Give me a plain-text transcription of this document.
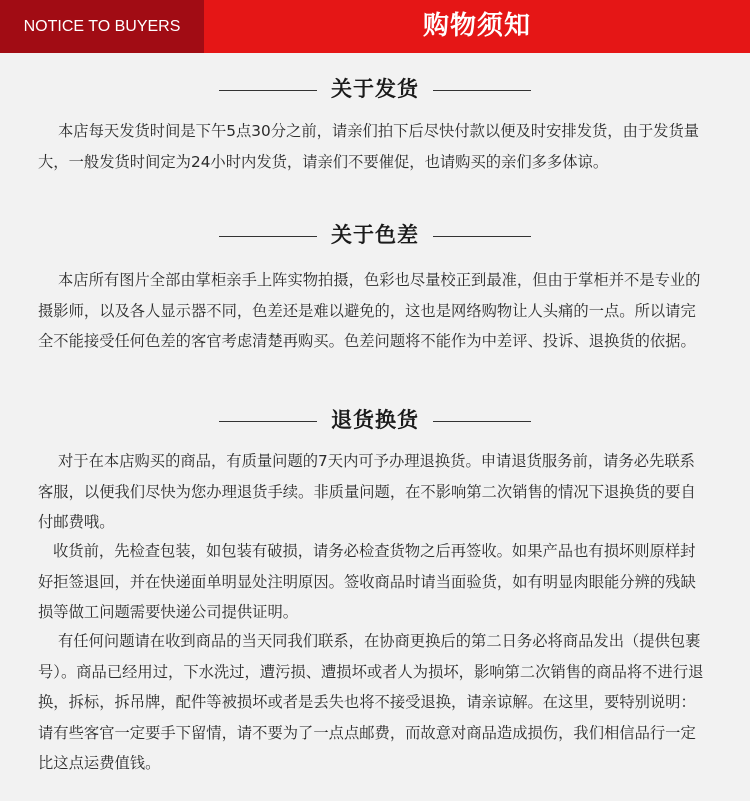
NOTICE TO BUYERS	购物须知
关于发货

本店每天发货时间是下午5点30分之前，请亲们拍下后尽快付款以便及时安排发货，由于发货量大，一般发货时间定为24小时内发货，请亲们不要催促，也请购买的亲们多多体谅。

关于色差

本店所有图片全部由掌柜亲手上阵实物拍摄，色彩也尽量校正到最准，但由于掌柜并不是专业的摄影师，以及各人显示器不同，色差还是难以避免的，这也是网络购物让人头痛的一点。所以请完全不能接受任何色差的客官考虑清楚再购买。色差问题将不能作为中差评、投诉、退换货的依据。

退货换货

对于在本店购买的商品，有质量问题的7天内可予办理退换货。申请退货服务前，请务必先联系客服，以便我们尽快为您办理退货手续。非质量问题，在不影响第二次销售的情况下退换货的要自付邮费哦。

收货前，先检查包装，如包装有破损，请务必检查货物之后再签收。如果产品也有损坏则原样封好拒签退回，并在快递面单明显处注明原因。签收商品时请当面验货，如有明显肉眼能分辨的残缺损等做工问题需要快递公司提供证明。

有任何问题请在收到商品的当天同我们联系，在协商更换后的第二日务必将商品发出（提供包裹号）。商品已经用过，下水洗过，遭污损、遭损坏或者人为损坏，影响第二次销售的商品将不进行退换，拆标，拆吊牌，配件等被损坏或者是丢失也将不接受退换，请亲谅解。在这里，要特别说明：请有些客官一定要手下留情，请不要为了一点点邮费，而故意对商品造成损伤，我们相信品行一定比这点运费值钱。
